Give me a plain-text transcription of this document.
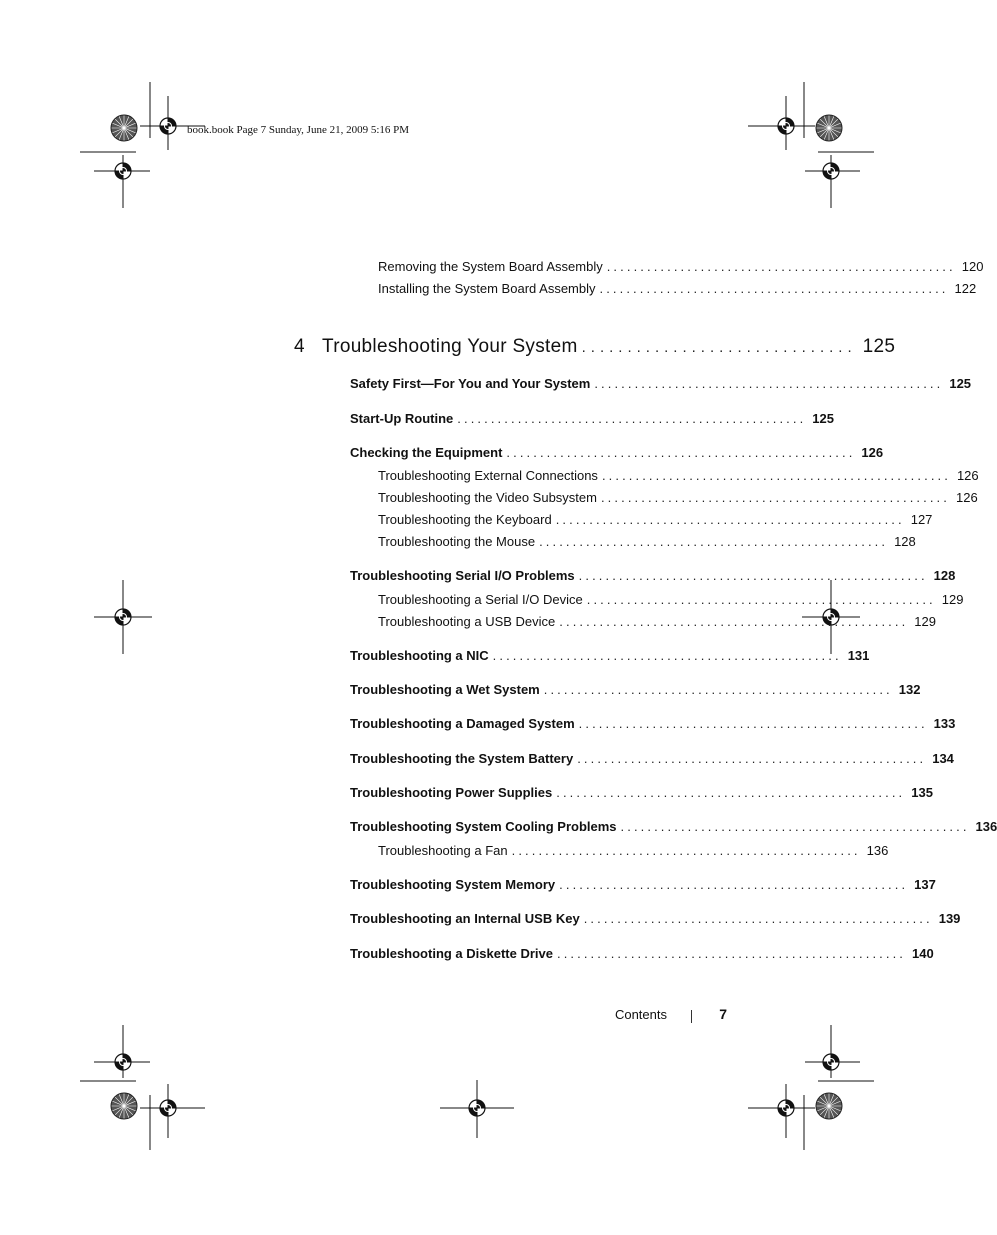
book.book Page 7 Sunday, June 21, 2009 5:16 PM
Removing the System Board Assembly .................................................... 120
Installing the System Board Assembly .................................................... 122
4 Troubleshooting Your System .............................. 125
Safety First—For You and Your System .................................................... 125
Start-Up Routine .................................................... 125
Checking the Equipment .................................................... 126
Troubleshooting External Connections .................................................... 126
Troubleshooting the Video Subsystem .................................................... 126
Troubleshooting the Keyboard .................................................... 127
Troubleshooting the Mouse .................................................... 128
Troubleshooting Serial I/O Problems .................................................... 128
Troubleshooting a Serial I/O Device .................................................... 129
Troubleshooting a USB Device .................................................... 129
Troubleshooting a NIC .................................................... 131
Troubleshooting a Wet System .................................................... 132
Troubleshooting a Damaged System .................................................... 133
Troubleshooting the System Battery .................................................... 134
Troubleshooting Power Supplies .................................................... 135
Troubleshooting System Cooling Problems .................................................... 136
Troubleshooting a Fan .................................................... 136
Troubleshooting System Memory .................................................... 137
Troubleshooting an Internal USB Key .................................................... 139
Troubleshooting a Diskette Drive .................................................... 140
Contents	7
